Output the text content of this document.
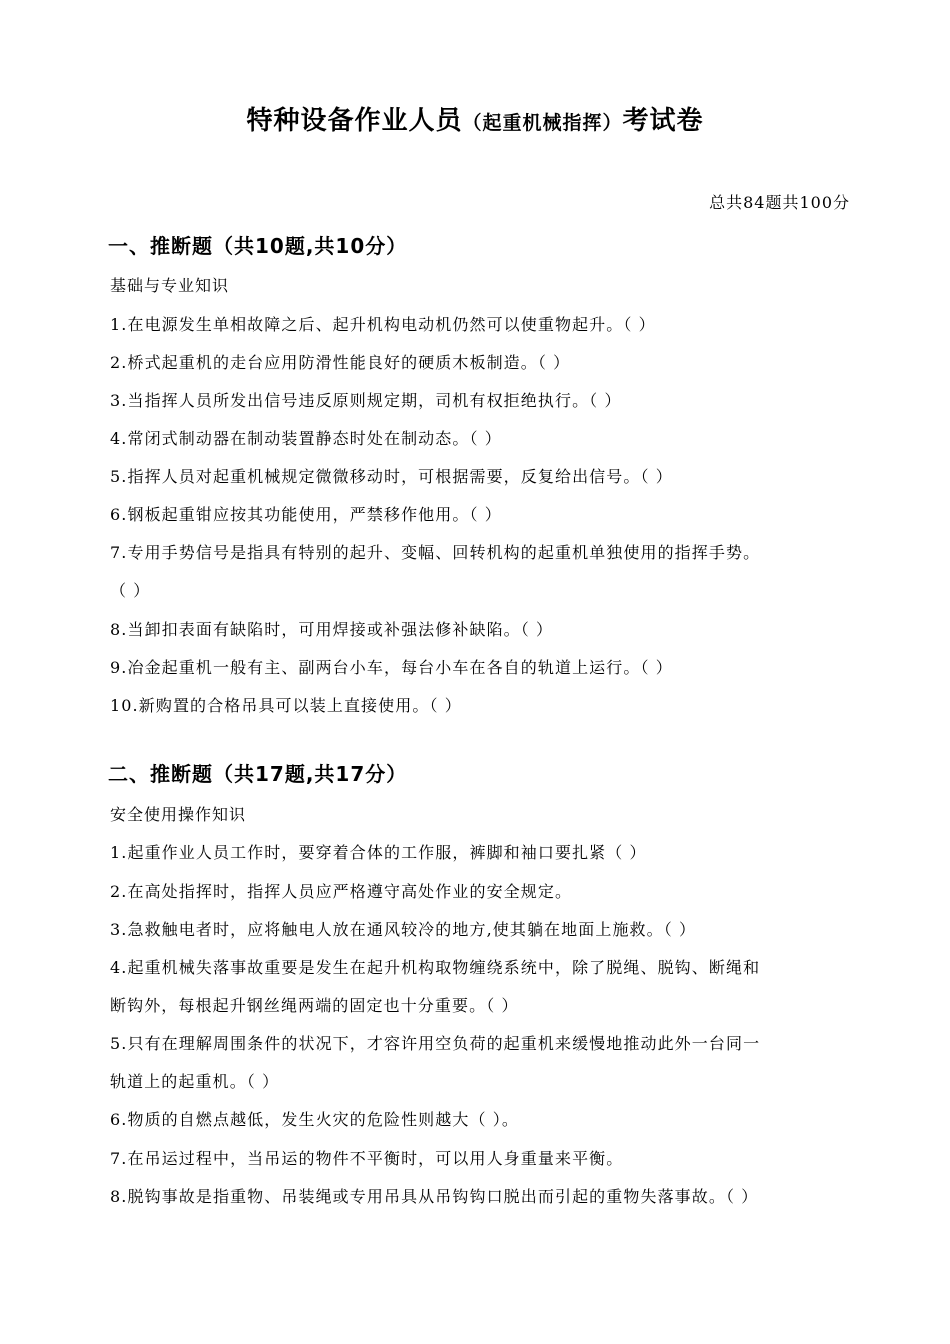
特种设备作业人员（起重机械指挥）考试卷
总共84题共100分
一、推断题（共10题,共10分）
基础与专业知识
1.在电源发生单相故障之后、起升机构电动机仍然可以使重物起升。（ ）
2.桥式起重机的走台应用防滑性能良好的硬质木板制造。（ ）
3.当指挥人员所发出信号违反原则规定期，司机有权拒绝执行。（ ）
4.常闭式制动器在制动装置静态时处在制动态。（ ）
5.指挥人员对起重机械规定微微移动时，可根据需要，反复给出信号。（ ）
6.钢板起重钳应按其功能使用，严禁移作他用。（ ）
7.专用手势信号是指具有特别的起升、变幅、回转机构的起重机单独使用的指挥手势。
（ ）
8.当卸扣表面有缺陷时，可用焊接或补强法修补缺陷。（ ）
9.冶金起重机一般有主、副两台小车，每台小车在各自的轨道上运行。（ ）
10.新购置的合格吊具可以装上直接使用。（ ）
二、推断题（共17题,共17分）
安全使用操作知识
1.起重作业人员工作时，要穿着合体的工作服，裤脚和袖口要扎紧（ ）
2.在高处指挥时，指挥人员应严格遵守高处作业的安全规定。
3.急救触电者时，应将触电人放在通风较冷的地方,使其躺在地面上施救。（ ）
4.起重机械失落事故重要是发生在起升机构取物缠绕系统中，除了脱绳、脱钩、断绳和
断钩外，每根起升钢丝绳两端的固定也十分重要。（ ）
5.只有在理解周围条件的状况下，才容许用空负荷的起重机来缓慢地推动此外一台同一
轨道上的起重机。（ ）
6.物质的自燃点越低，发生火灾的危险性则越大（ ）。
7.在吊运过程中，当吊运的物件不平衡时，可以用人身重量来平衡。
8.脱钩事故是指重物、吊装绳或专用吊具从吊钩钩口脱出而引起的重物失落事故。（ ）
